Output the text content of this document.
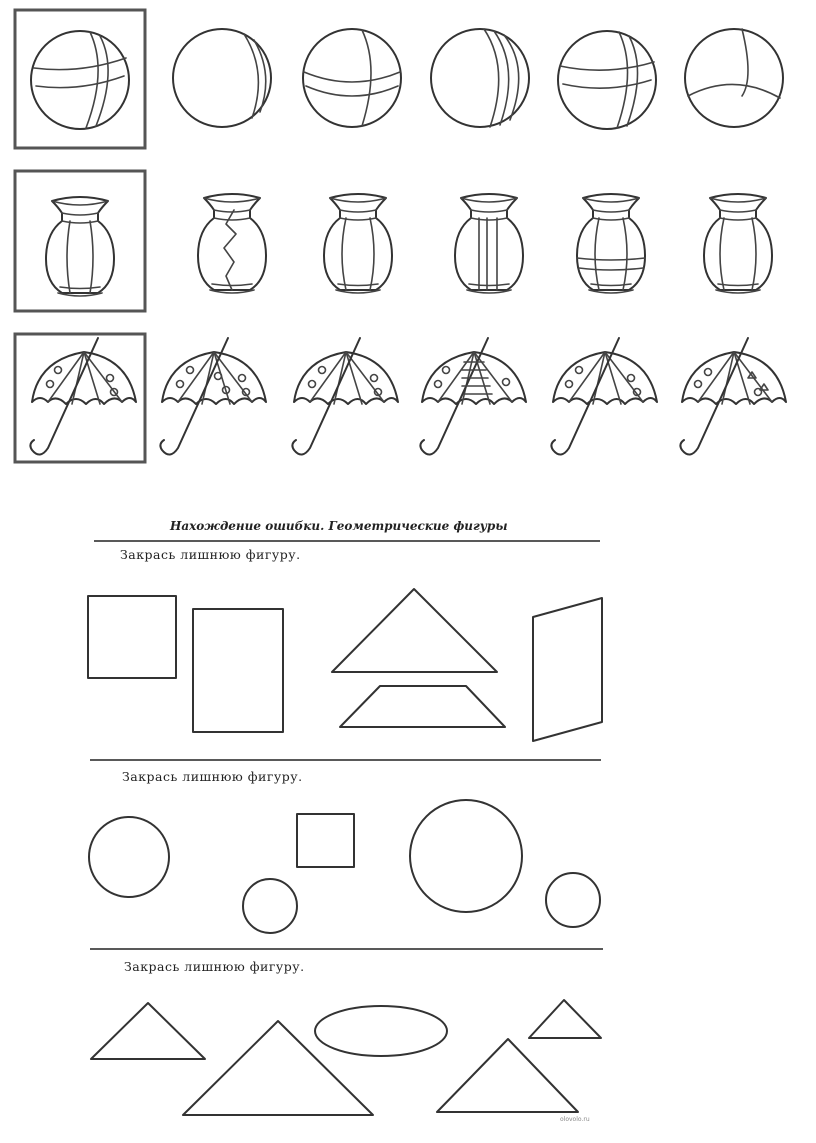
Нахождение ошибки. Геометрические фигуры
Закрась лишнюю фигуру.
Закрась лишнюю фигуру.
Закрась лишнюю фигуру.
olovolo.ru
